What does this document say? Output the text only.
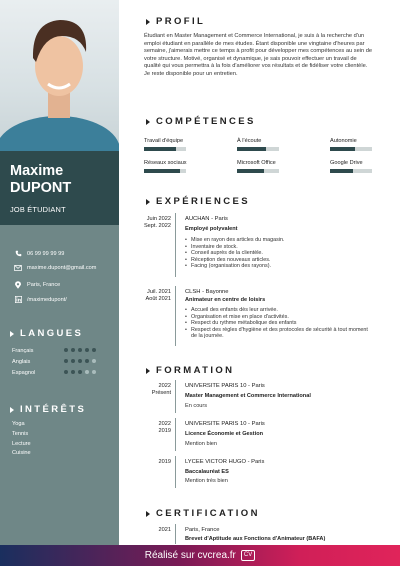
Maxime
DUPONT
JOB ÉTUDIANT
06 99 99 99 99
maxime.dupont@gmail.com
Paris, France
/maximedupont/
LANGUES
Français
Anglais
Espagnol
INTÉRÊTS
Yoga
Tennis
Lecture
Cuisine
PROFIL
Étudiant en Master Management et Commerce International, je suis à la recherche d'un emploi étudiant en parallèle de mes études. Étant disponible une vingtaine d'heures par semaine, j'aimerais mettre ce temps à profit pour développer mes compétences au sein de votre structure. Motivé, organisé et dynamique, je sais pouvoir effectuer un travail de qualité qui vous permettra à la fois d'améliorer vos résultats et de fidéliser votre clientèle. Je reste disponible pour un entretien.
COMPÉTENCES
Travail d'équipe	À l'écoute	Autonomie
Réseaux sociaux	Microsoft Office	Google Drive
EXPÉRIENCES
Juin 2022
Sept. 2022
AUCHAN - Paris
Employé polyvalent
• Mise en rayon des articles du magasin.
• Inventaire de stock.
• Conseil auprès de la clientèle.
• Réception des nouveaux articles.
• Facing (organisation des rayons).
Juil. 2021
Août 2021
CLSH - Bayonne
Animateur en centre de loisirs
• Accueil des enfants dès leur arrivée.
• Organisation et mise en place d'activités.
• Respect du rythme métabolique des enfants
• Respect des règles d'hygiène et des protocoles de sécurité à tout moment de la journée.
FORMATION
2022
Présent
UNIVERSITE PARIS 10 - Paris
Master Management et Commerce International
En cours
2022
2019
UNIVERSITE PARIS 10 - Paris
Licence Économie et Gestion
Mention bien
2019 LYCEE VICTOR HUGO - Paris
Baccalauréat ES
Mention très bien
CERTIFICATION
2021 Paris, France
Brevet d'Aptitude aux Fonctions d'Animateur (BAFA)
Réalisé sur cvcrea.fr	CV
